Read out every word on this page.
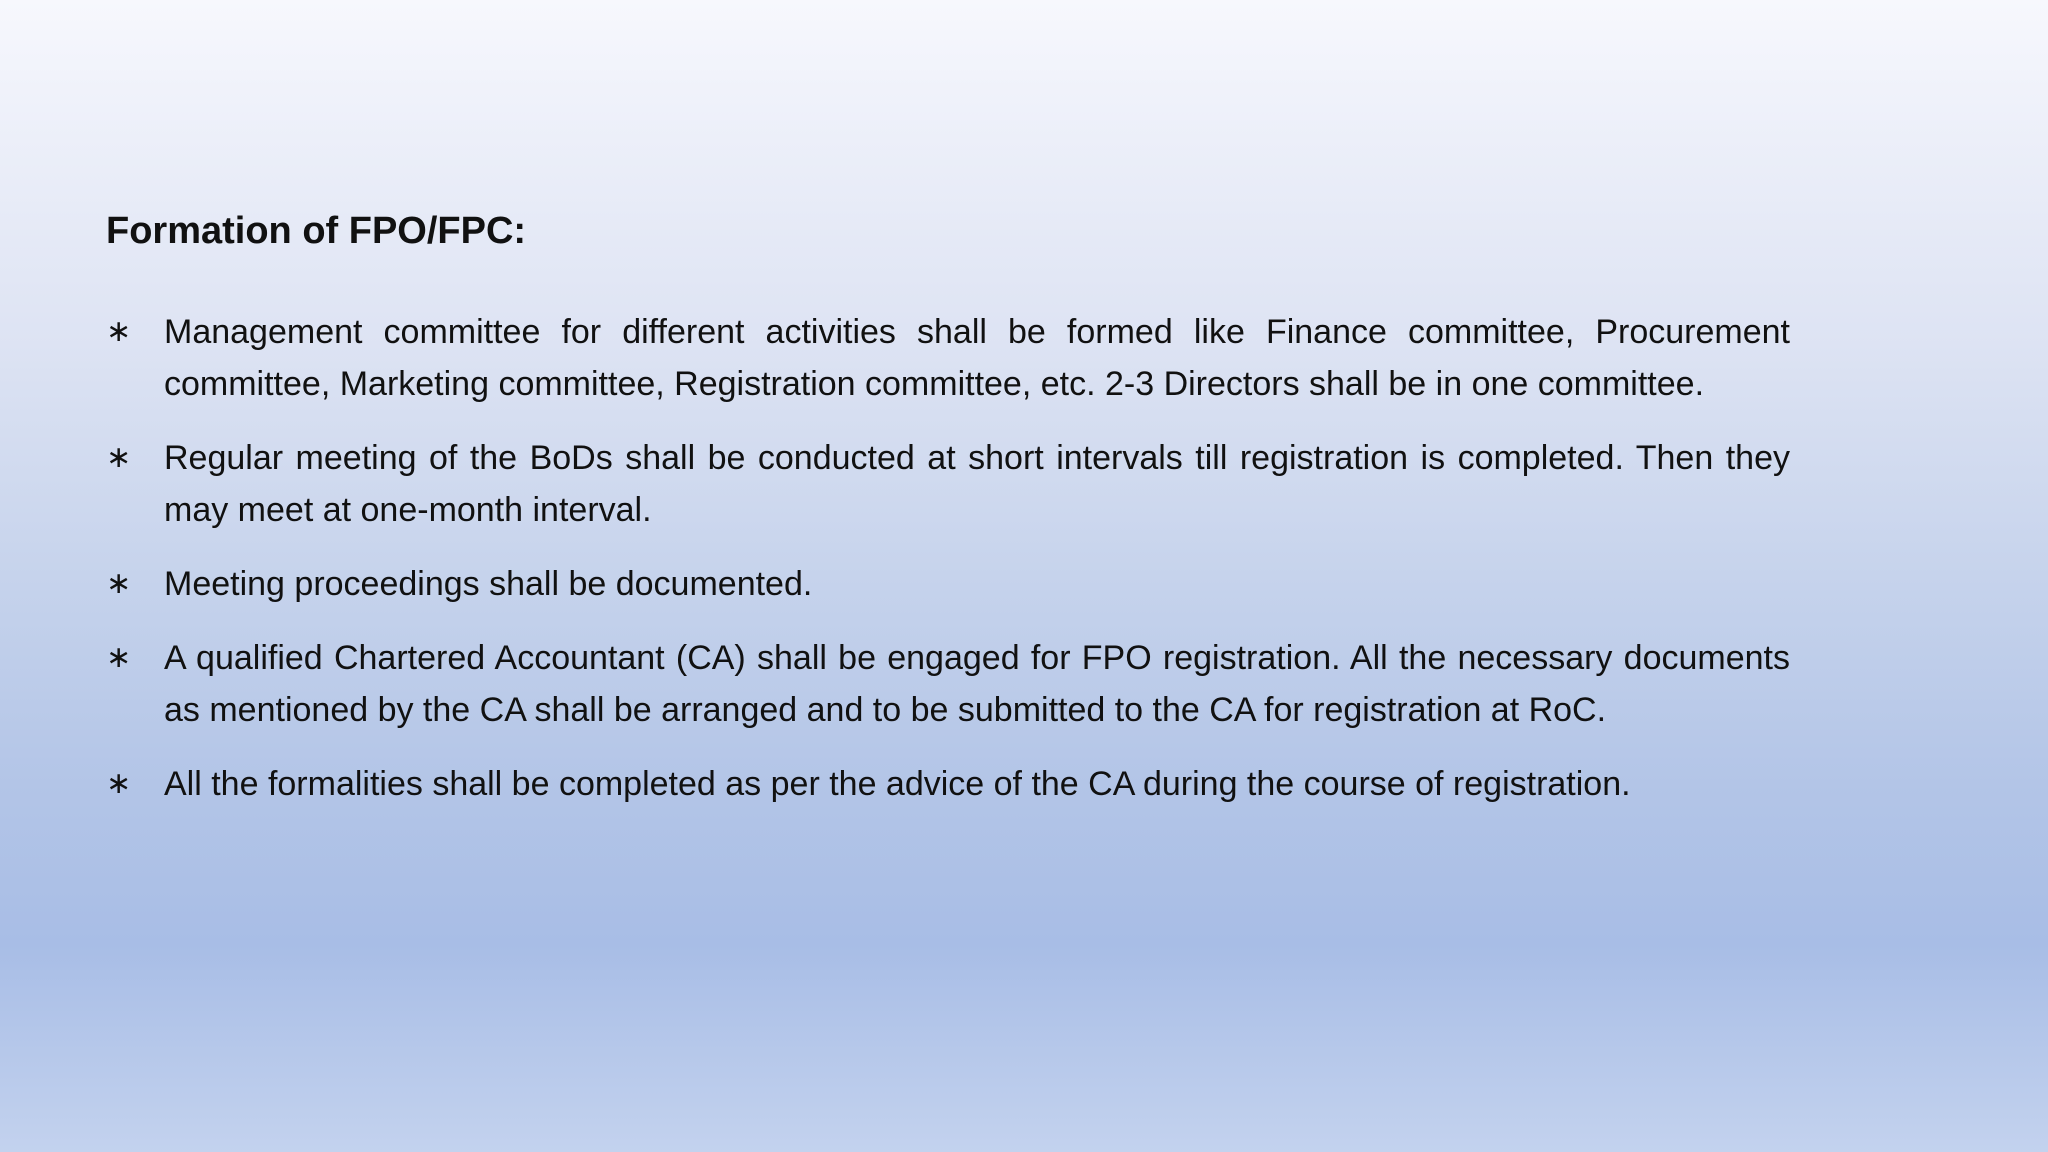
Formation of FPO/FPC:
∗ Management committee for different activities shall be formed like Finance committee, Procurement committee, Marketing committee, Registration committee, etc. 2-3 Directors shall be in one committee.
∗ Regular meeting of the BoDs shall be conducted at short intervals till registration is completed. Then they may meet at one-month interval.
∗ Meeting proceedings shall be documented.
∗ A qualified Chartered Accountant (CA) shall be engaged for FPO registration. All the necessary documents as mentioned by the CA shall be arranged and to be submitted to the CA for registration at RoC.
∗ All the formalities shall be completed as per the advice of the CA during the course of registration.
